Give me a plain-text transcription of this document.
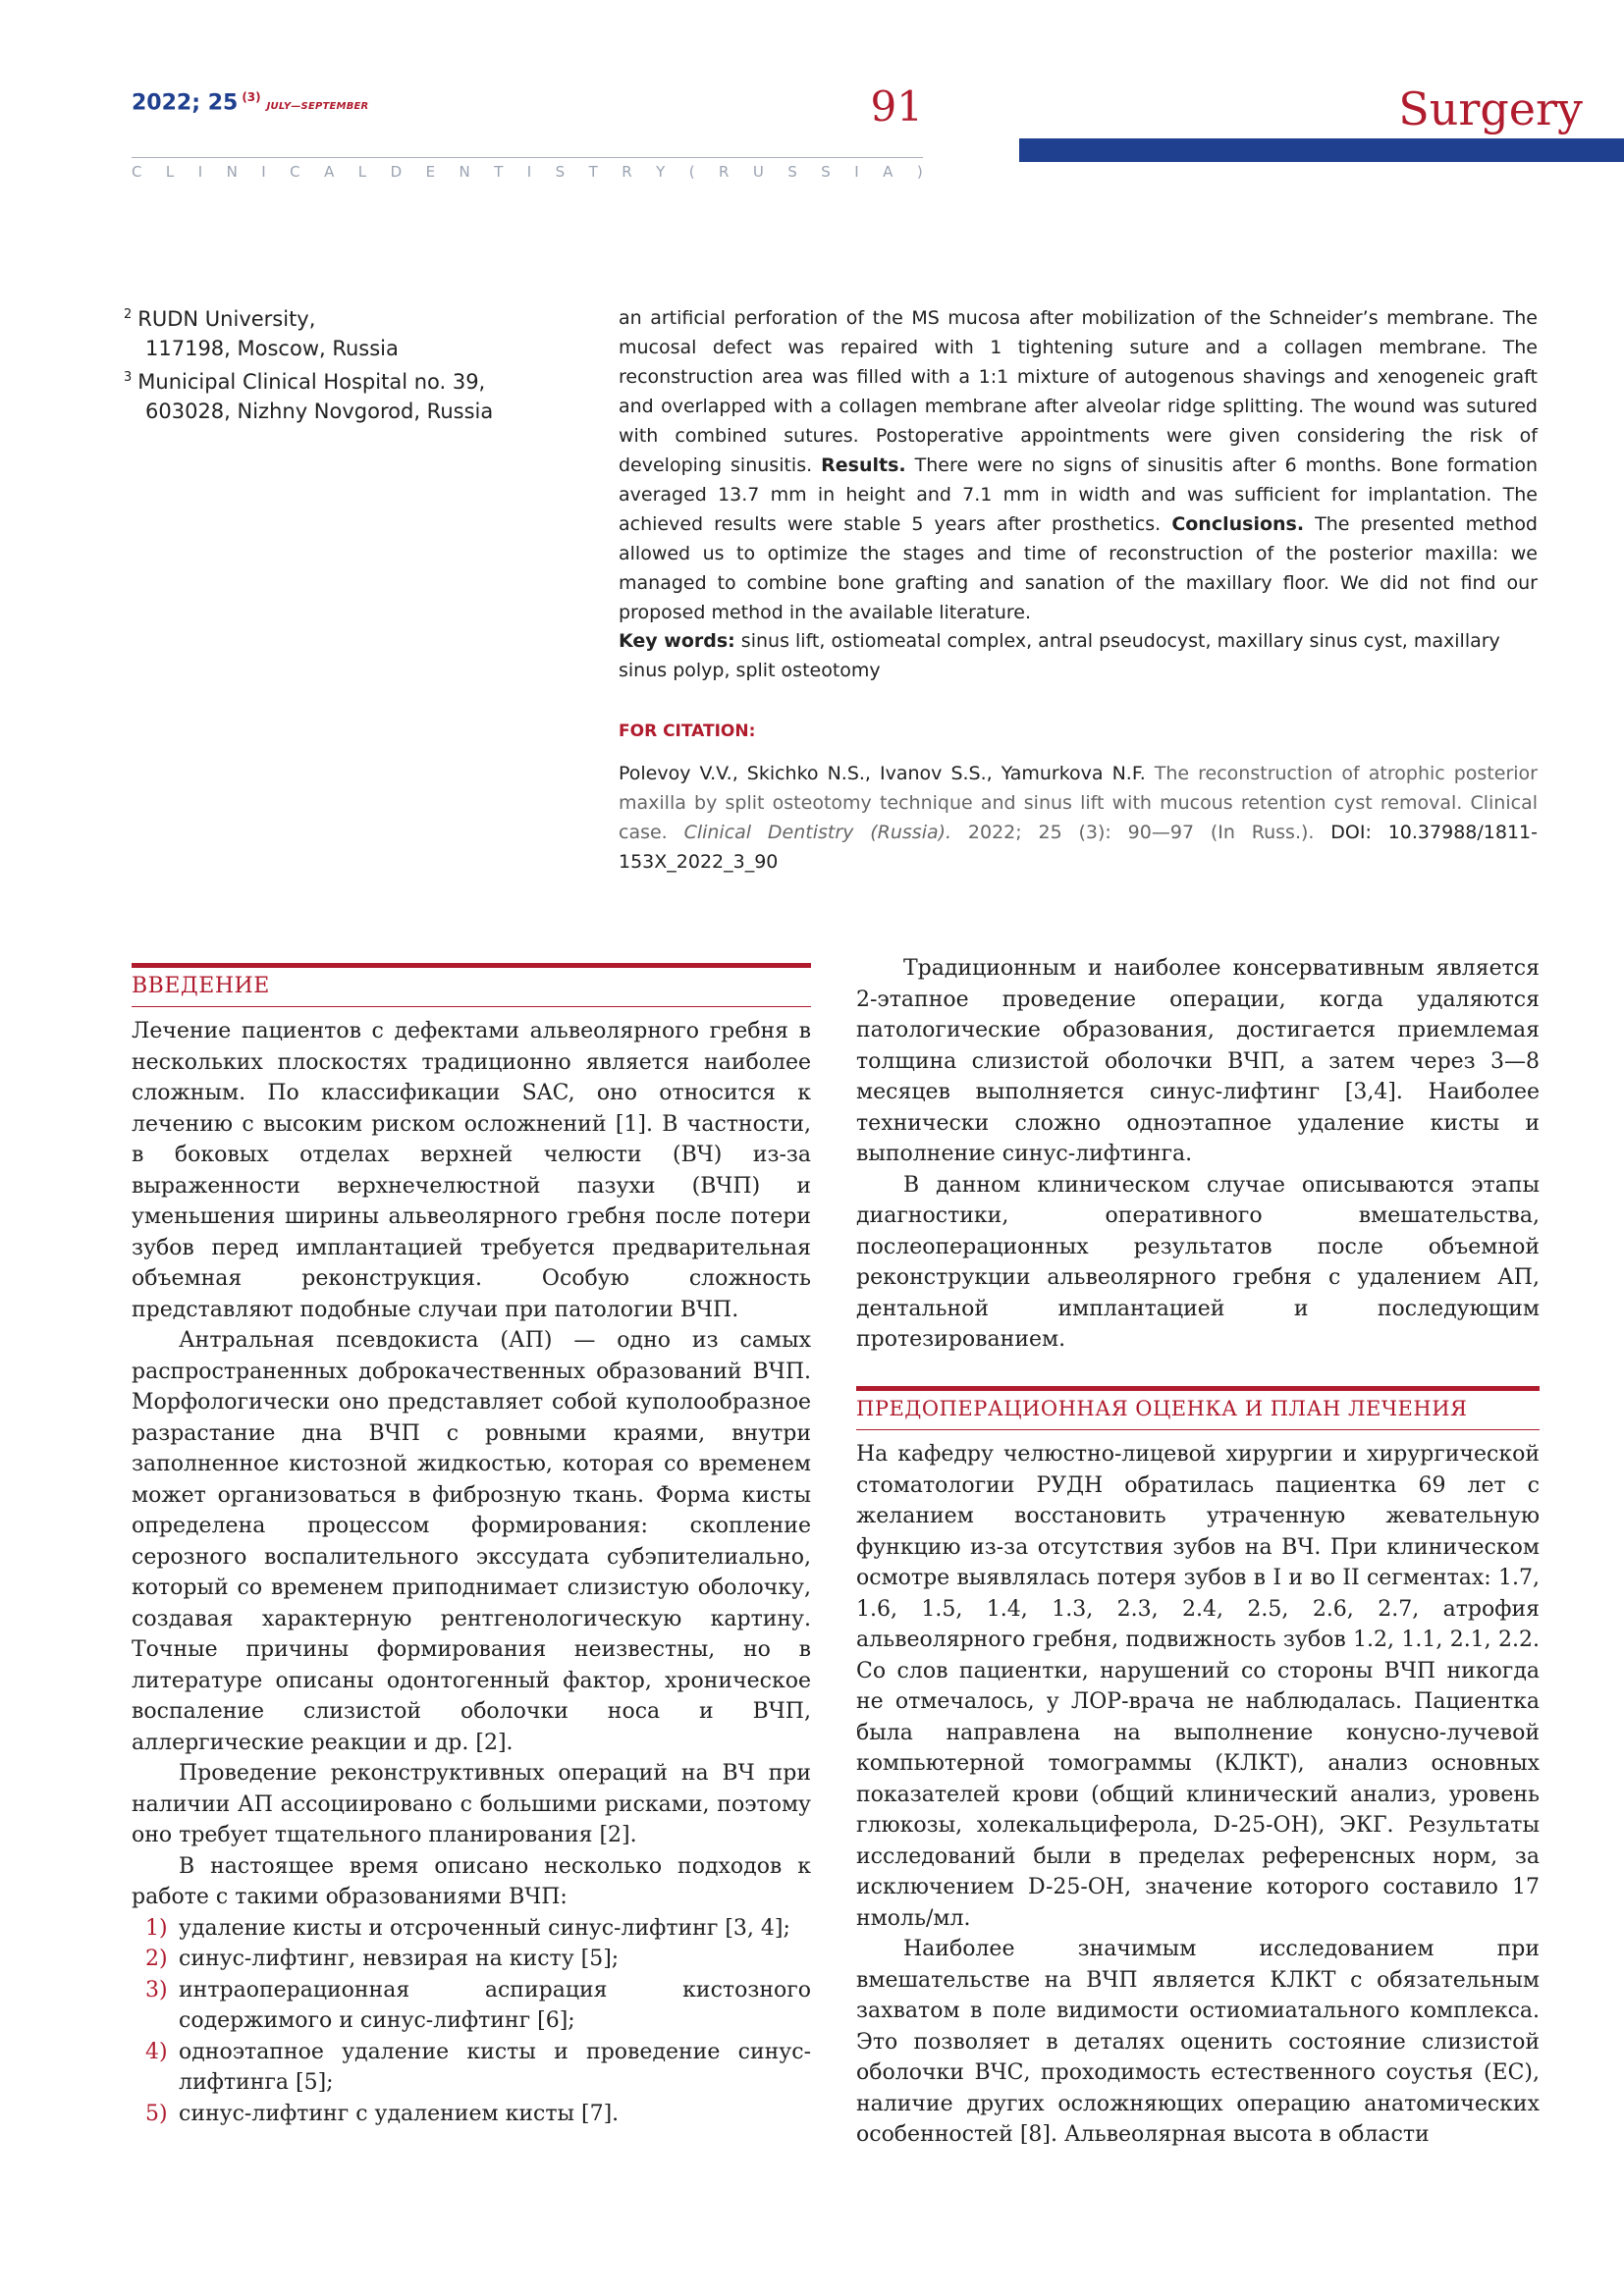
2022; 25 $^{(3)}$JULY—SEPTEMBER	91	Surgery
C L I N I C A L D E N T I S T R Y ( R U S S I A )

$^2$ RUDN University,

117198, Moscow, Russia

$^3$ Municipal Clinical Hospital no. 39,

603028, Nizhny Novgorod, Russia

an artificial perforation of the MS mucosa after mobilization of the Schneider’s membrane. The mucosal defect was repaired with 1 tightening suture and a collagen membrane. The reconstruction area was filled with a 1:1 mixture of autogenous shavings and xenogeneic graft and overlapped with a collagen membrane after alveolar ridge splitting. The wound was sutured with combined sutures. Postoperative appointments were given considering the risk of developing sinusitis. Results. There were no signs of sinusitis after 6 months. Bone formation averaged 13.7 mm in height and 7.1 mm in width and was sufficient for implantation. The achieved results were stable 5 years after prosthetics. Conclusions. The presented method allowed us to optimize the stages and time of reconstruction of the posterior maxilla: we managed to combine bone grafting and sanation of the maxillary floor. We did not find our proposed method in the available literature.

Key words: sinus lift, ostiomeatal complex, antral pseudocyst, maxillary sinus cyst, maxillary sinus polyp, split osteotomy
FOR CITATION:
Polevoy V.V., Skichko N.S., Ivanov S.S., Yamurkova N.F. The reconstruction of atrophic posterior maxilla by split osteotomy technique and sinus lift with mucous retention cyst removal. Clinical case. Clinical Dentistry (Russia). 2022; 25 (3): 90—97 (In Russ.). DOI: 10.37988/1811-153X_2022_3_90
ВВЕДЕНИЕ

Лечение пациентов с дефектами альвеолярного гребня в нескольких плоскостях традиционно является наиболее сложным. По классификации SAC, оно относится к лечению с высоким риском осложнений [1]. В частности, в боковых отделах верхней челюсти (ВЧ) из-за выраженности верхнечелюстной пазухи (ВЧП) и уменьшения ширины альвеолярного гребня после потери зубов перед имплантацией требуется предварительная объемная реконструкция. Особую сложность представляют подобные случаи при патологии ВЧП.

Антральная псевдокиста (АП) — одно из самых распространенных доброкачественных образований ВЧП. Морфологически оно представляет собой куполообразное разрастание дна ВЧП с ровными краями, внутри заполненное кистозной жидкостью, которая со временем может организоваться в фиброзную ткань. Форма кисты определена процессом формирования: скопление серозного воспалительного экссудата субэпителиально, который со временем приподнимает слизистую оболочку, создавая характерную рентгенологическую картину. Точные причины формирования неизвестны, но в литературе описаны одонтогенный фактор, хроническое воспаление слизистой оболочки носа и ВЧП, аллергические реакции и др. [2].

Проведение реконструктивных операций на ВЧ при наличии АП ассоциировано с большими рисками, поэтому оно требует тщательного планирования [2].

В настоящее время описано несколько подходов к работе с такими образованиями ВЧП:

1) удаление кисты и отсроченный синус-лифтинг [3, 4];
2) синус-лифтинг, невзирая на кисту [5];
3) интраоперационная аспирация кистозного содержимого и синус-лифтинг [6];
4) одноэтапное удаление кисты и проведение синус-лифтинга [5];
5) синус-лифтинг с удалением кисты [7].

Традиционным и наиболее консервативным является 2-этапное проведение операции, когда удаляются патологические образования, достигается приемлемая толщина слизистой оболочки ВЧП, а затем через 3—8 месяцев выполняется синус-лифтинг [3,4]. Наиболее технически сложно одноэтапное удаление кисты и выполнение синус-лифтинга.

В данном клиническом случае описываются этапы диагностики, оперативного вмешательства, послеоперационных результатов после объемной реконструкции альвеолярного гребня с удалением АП, дентальной имплантацией и последующим протезированием.

ПРЕДОПЕРАЦИОННАЯ ОЦЕНКА И ПЛАН ЛЕЧЕНИЯ

На кафедру челюстно-лицевой хирургии и хирургической стоматологии РУДН обратилась пациентка 69 лет с желанием восстановить утраченную жевательную функцию из-за отсутствия зубов на ВЧ. При клиническом осмотре выявлялась потеря зубов в I и во II сегментах: 1.7, 1.6, 1.5, 1.4, 1.3, 2.3, 2.4, 2.5, 2.6, 2.7, атрофия альвеолярного гребня, подвижность зубов 1.2, 1.1, 2.1, 2.2. Со слов пациентки, нарушений со стороны ВЧП никогда не отмечалось, у ЛОР-врача не наблюдалась. Пациентка была направлена на выполнение конусно-лучевой компьютерной томограммы (КЛКТ), анализ основных показателей крови (общий клинический анализ, уровень глюкозы, холекальциферола, D-25-OH), ЭКГ. Результаты исследований были в пределах референсных норм, за исключением D-25-OH, значение которого составило 17 нмоль/мл.

Наиболее значимым исследованием при вмешательстве на ВЧП является КЛКТ с обязательным захватом в поле видимости остиомиатального комплекса. Это позволяет в деталях оценить состояние слизистой оболочки ВЧС, проходимость естественного соустья (ЕС), наличие других осложняющих операцию анатомических особенностей [8]. Альвеолярная высота в области
